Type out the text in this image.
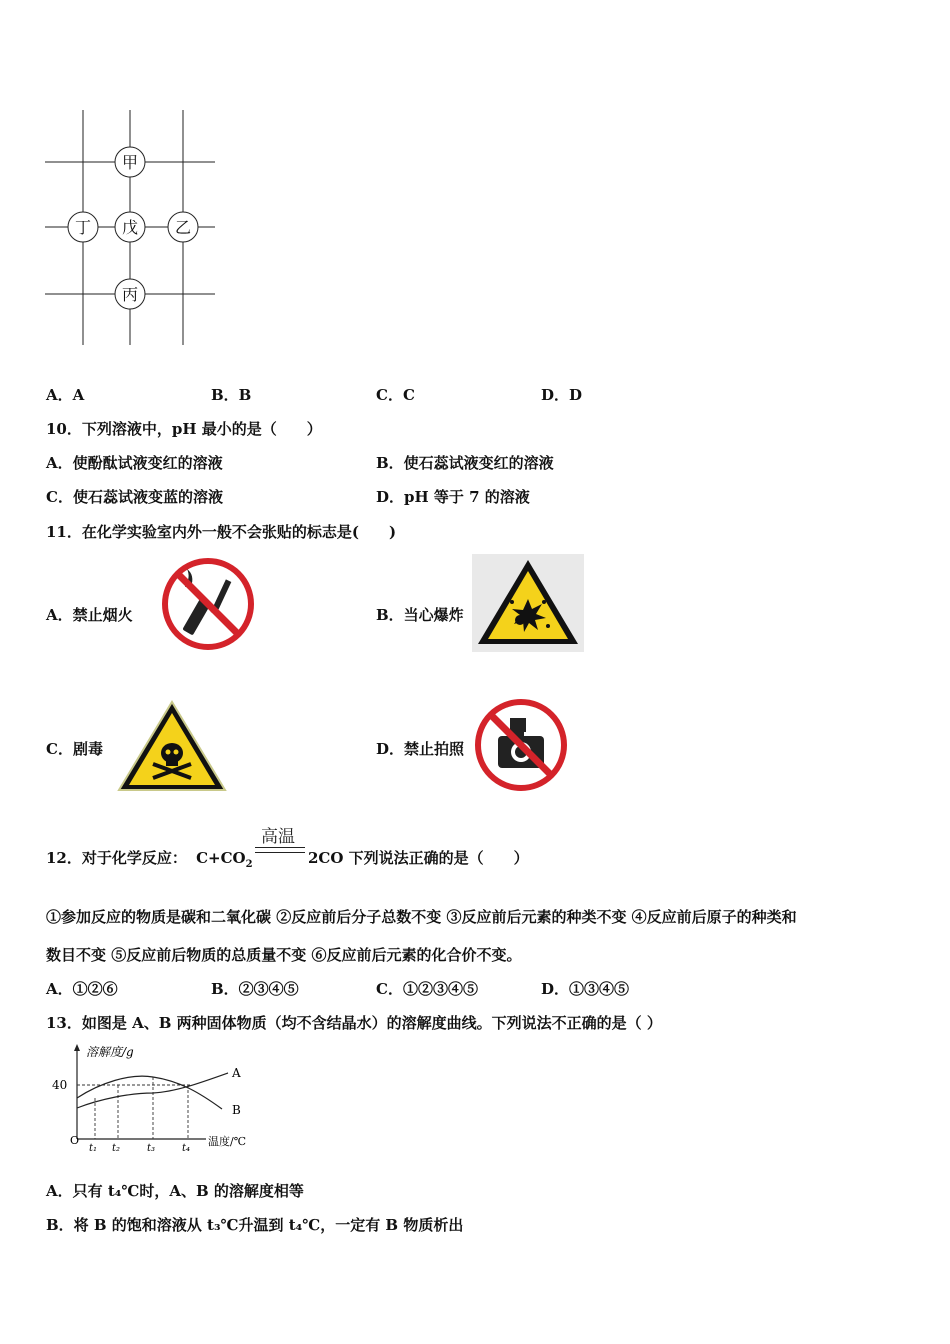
甲
丁 戊 乙
丙
A．A	B．B	C．C	D．D
10．下列溶液中，pH 最小的是（　　）
A．使酚酞试液变红的溶液	B．使石蕊试液变红的溶液
C．使石蕊试液变蓝的溶液	D．pH 等于 7 的溶液
11．在化学实验室内外一般不会张贴的标志是(　　)
A．禁止烟火	B．当心爆炸
C．剧毒	D．禁止拍照
12．对于化学反应： $C+CO_2$
高温
2CO 下列说法正确的是（　　）
①参加反应的物质是碳和二氧化碳 ②反应前后分子总数不变 ③反应前后元素的种类不变 ④反应前后原子的种类和
数目不变 ⑤反应前后物质的总质量不变 ⑥反应前后元素的化合价不变。
A．①②⑥	B．②③④⑤	C．①②③④⑤	D．①③④⑤
13．如图是 A、B 两种固体物质（均不含结晶水）的溶解度曲线。下列说法不正确的是（ ）
溶解度/g
温度/℃
40
O
t₁ t₂	t₃	t₄
A
B
A．只有 t₄℃时，A、B 的溶解度相等
B．将 B 的饱和溶液从 t₃℃升温到 t₄℃，一定有 B 物质析出
